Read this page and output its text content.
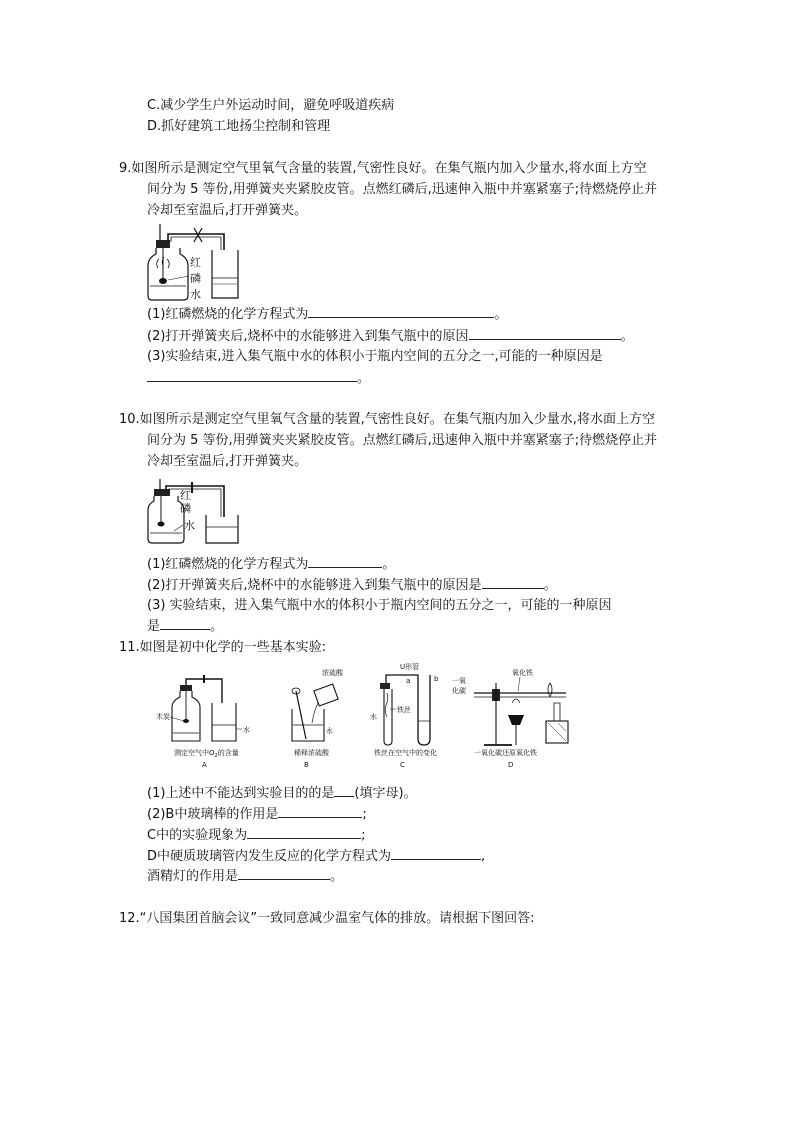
C.减少学生户外运动时间，避免呼吸道疾病
D.抓好建筑工地扬尘控制和管理
9.如图所示是测定空气里氧气含量的装置,气密性良好。在集气瓶内加入少量水,将水面上方空
间分为 5 等份,用弹簧夹夹紧胶皮管。点燃红磷后,迅速伸入瓶中并塞紧塞子;待燃烧停止并
冷却至室温后,打开弹簧夹。
红
磷
水
(1)红磷燃烧的化学方程式为	。
(2)打开弹簧夹后,烧杯中的水能够进入到集气瓶中的原因	。
(3)实验结束,进入集气瓶中水的体积小于瓶内空间的五分之一,可能的一种原因是
。
10.如图所示是测定空气里氧气含量的装置,气密性良好。在集气瓶内加入少量水,将水面上方空
间分为 5 等份,用弹簧夹夹紧胶皮管。点燃红磷后,迅速伸入瓶中并塞紧塞子;待燃烧停止并
冷却至室温后,打开弹簧夹。
红
磷
水
(1)红磷燃烧的化学方程式为	。
(2)打开弹簧夹后,烧杯中的水能够进入到集气瓶中的原因是	。
(3) 实验结束，进入集气瓶中水的体积小于瓶内空间的五分之一，可能的一种原因
是	。
11.如图是初中化学的一些基本实验:
木炭
水
测定空气中$O_2$的含量
A
浓硫酸
水
稀释浓硫酸
B
U形管
b
a
水
铁丝
铁丝在空气中的变化
C
一氧
化碳
氧化铁
一氧化碳还原氧化铁
D
(1)上述中不能达到实验目的的是 (填字母)。
(2)B中玻璃棒的作用是	;
C中的实验现象为	;
D中硬质玻璃管内发生反应的化学方程式为	,
酒精灯的作用是	。
12.“八国集团首脑会议”一致同意减少温室气体的排放。请根据下图回答:
